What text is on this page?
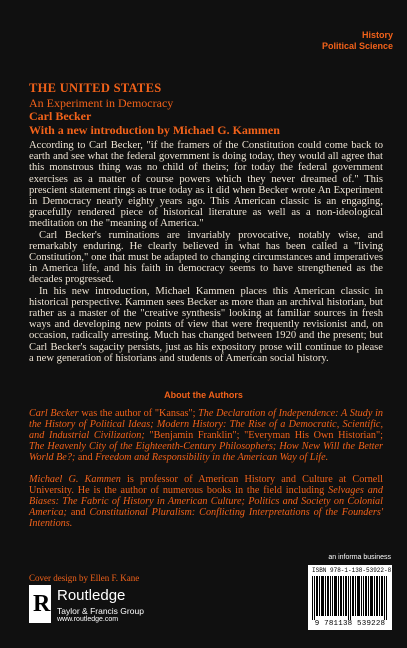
History
Political Science
THE UNITED STATES
An Experiment in Democracy
Carl Becker
With a new introduction by Michael G. Kammen

According to Carl Becker, "if the framers of the Constitution could come back to earth and see what the federal government is doing today, they would all agree that this monstrous thing was no child of theirs; for today the federal government exercises as a matter of course powers which they never dreamed of." This prescient statement rings as true today as it did when Becker wrote An Experiment in Democracy nearly eighty years ago. This American classic is an engaging, gracefully rendered piece of historical literature as well as a non-ideological meditation on the "meaning of America."

Carl Becker's ruminations are invariably provocative, notably wise, and remarkably enduring. He clearly believed in what has been called a "living Constitution," one that must be adapted to changing circumstances and imperatives in America life, and his faith in democracy seems to have strengthened as the decades progressed.

In his new introduction, Michael Kammen places this American classic in historical perspective. Kammen sees Becker as more than an archival historian, but rather as a master of the "creative synthesis" looking at familiar sources in fresh ways and developing new points of view that were frequently revisionist and, on occasion, radically arresting. Much has changed between 1920 and the present; but Carl Becker's sagacity persists, just as his expository prose will continue to please a new generation of historians and students of American social history.

About the Authors
Carl Becker was the author of "Kansas"; The Declaration of Independence: A Study in the History of Political Ideas; Modern History: The Rise of a Democratic, Scientific, and Industrial Civilization; "Benjamin Franklin"; "Everyman His Own Historian"; The Heavenly City of the Eighteenth-Century Philosophers; How New Will the Better World Be?; and Freedom and Responsibility in the American Way of Life.
Michael G. Kammen is professor of American History and Culture at Cornell University. He is the author of numerous books in the field including Selvages and Biases: The Fabric of History in American Culture; Politics and Society on Colonial America; and Constitutional Pluralism: Conflicting Interpretations of the Founders' Intentions.
Cover design by Ellen F. Kane
R Routledge
Taylor & Francis Group
www.routledge.com
an informa business
ISBN 978-1-138-53922-8
9 781138 539228
